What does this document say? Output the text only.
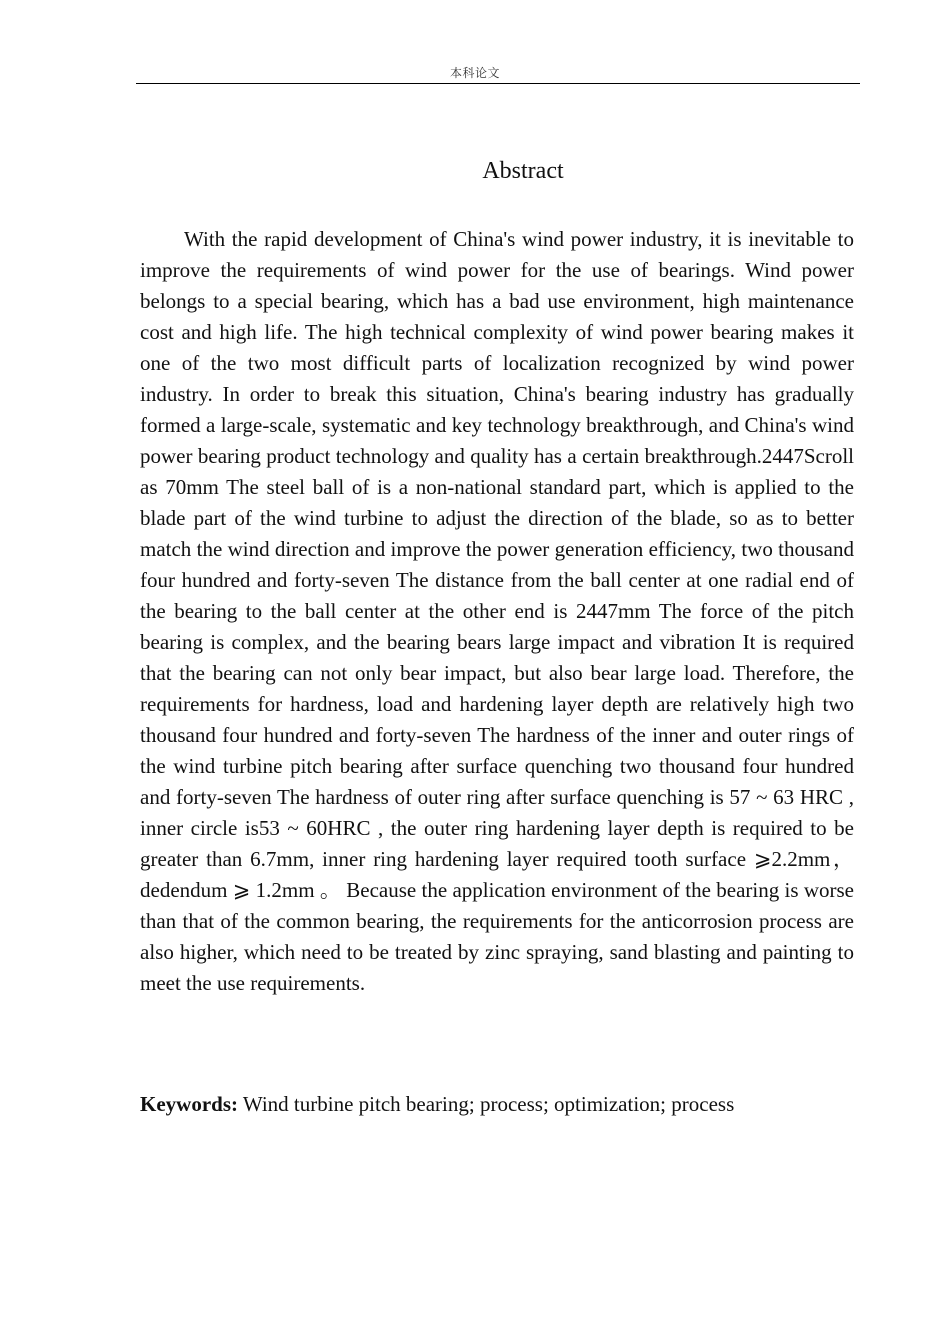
本科论文
Abstract

With the rapid development of China's wind power industry, it is inevitable to improve the requirements of wind power for the use of bearings. Wind power belongs to a special bearing, which has a bad use environment, high maintenance cost and high life. The high technical complexity of wind power bearing makes it one of the two most difficult parts of localization recognized by wind power industry. In order to break this situation, China's bearing industry has gradually formed a large-scale, systematic and key technology breakthrough, and China's wind power bearing product technology and quality has a certain breakthrough.2447Scroll as 70mm The steel ball of is a non-national standard part, which is applied to the blade part of the wind turbine to adjust the direction of the blade, so as to better match the wind direction and improve the power generation efficiency, two thousand four hundred and forty-seven The distance from the ball center at one radial end of the bearing to the ball center at the other end is 2447mm The force of the pitch bearing is complex, and the bearing bears large impact and vibration It is required that the bearing can not only bear impact, but also bear large load. Therefore, the requirements for hardness, load and hardening layer depth are relatively high two thousand four hundred and forty-seven The hardness of the inner and outer rings of the wind turbine pitch bearing after surface quenching two thousand four hundred and forty-seven The hardness of outer ring after surface quenching is 57 ~ 63 HRC , inner circle is53 ~ 60HRC , the outer ring hardening layer depth is required to be greater than 6.7mm, inner ring hardening layer required tooth surface ⩾2.2mm， dedendum ⩾ 1.2mm 。 Because the application environment of the bearing is worse than that of the common bearing, the requirements for the anticorrosion process are also higher, which need to be treated by zinc spraying, sand blasting and painting to meet the use requirements.

Keywords: Wind turbine pitch bearing; process; optimization; process
